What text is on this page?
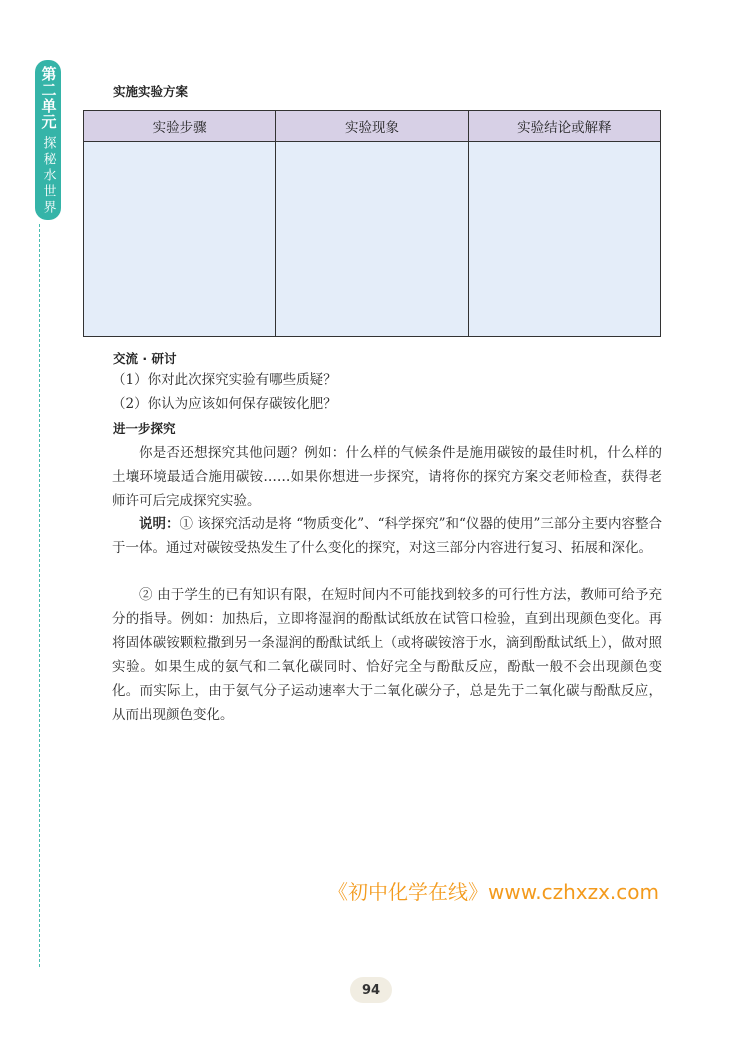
第二单元
探秘水世界
实施实验方案
实验步骤	实验现象	实验结论或解释

交流 · 研讨
（1）你对此次探究实验有哪些质疑？
（2）你认为应该如何保存碳铵化肥？
进一步探究

你是否还想探究其他问题？例如：什么样的气候条件是施用碳铵的最佳时机，什么样的土壤环境最适合施用碳铵……如果你想进一步探究，请将你的探究方案交老师检查，获得老师许可后完成探究实验。

说明：① 该探究活动是将 “物质变化”、“科学探究”和“仪器的使用”三部分主要内容整合于一体。通过对碳铵受热发生了什么变化的探究，对这三部分内容进行复习、拓展和深化。

② 由于学生的已有知识有限，在短时间内不可能找到较多的可行性方法，教师可给予充分的指导。例如：加热后，立即将湿润的酚酞试纸放在试管口检验，直到出现颜色变化。再将固体碳铵颗粒撒到另一条湿润的酚酞试纸上（或将碳铵溶于水，滴到酚酞试纸上），做对照实验。如果生成的氨气和二氧化碳同时、恰好完全与酚酞反应，酚酞一般不会出现颜色变化。而实际上，由于氨气分子运动速率大于二氧化碳分子，总是先于二氧化碳与酚酞反应，从而出现颜色变化。

《初中化学在线》www.czhxzx.com
94
